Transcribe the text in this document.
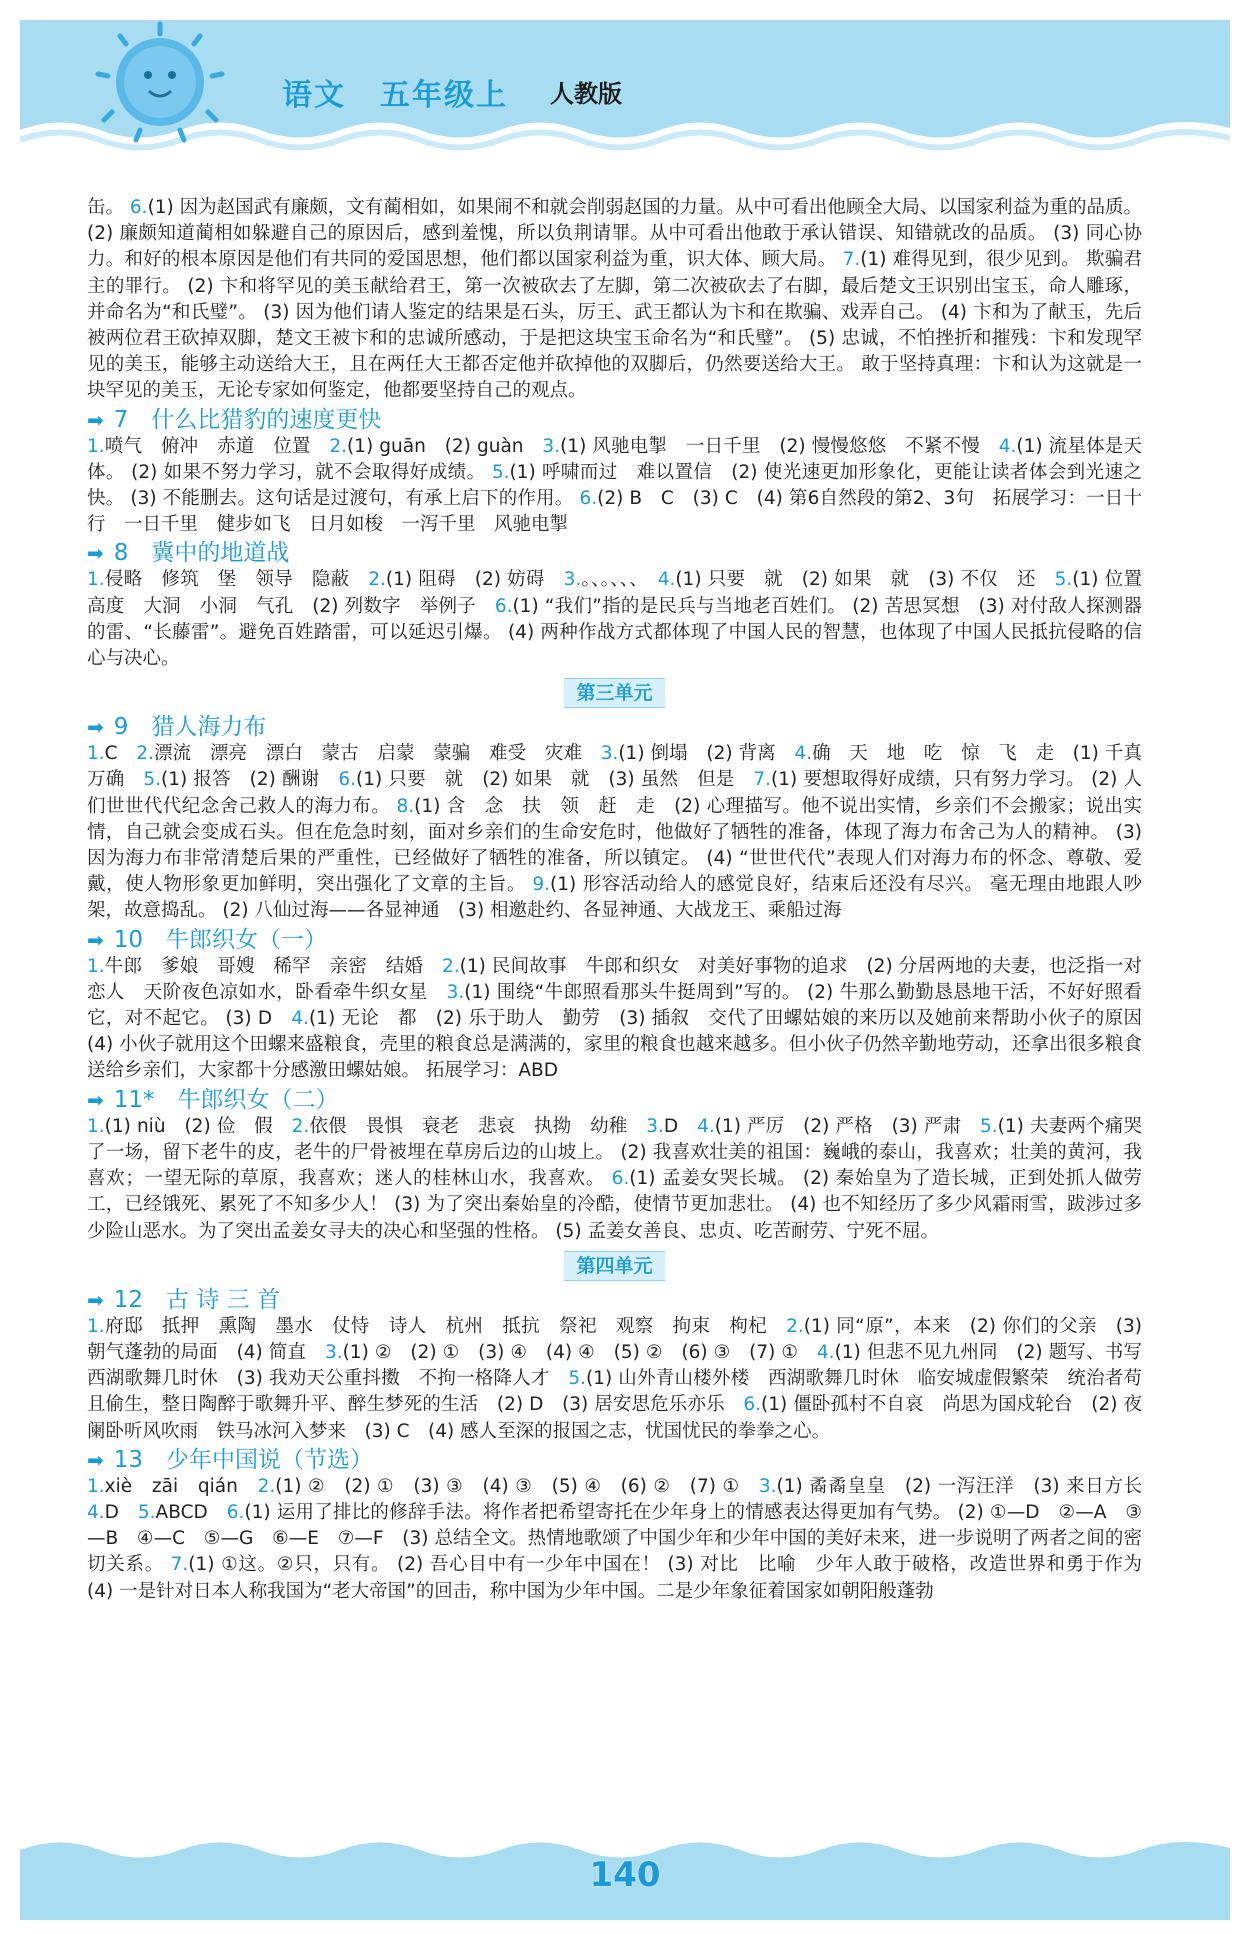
语文 五年级上 人教版

缶。 6.(1) 因为赵国武有廉颇，文有蔺相如，如果闹不和就会削弱赵国的力量。从中可看出他顾全大局、以国家利益为重的品质。 (2) 廉颇知道蔺相如躲避自己的原因后，感到羞愧，所以负荆请罪。从中可看出他敢于承认错误、知错就改的品质。 (3) 同心协力。和好的根本原因是他们有共同的爱国思想，他们都以国家利益为重，识大体、顾大局。 7.(1) 难得见到，很少见到。 欺骗君主的罪行。 (2) 卞和将罕见的美玉献给君王，第一次被砍去了左脚，第二次被砍去了右脚，最后楚文王识别出宝玉，命人雕琢，并命名为“和氏璧”。 (3) 因为他们请人鉴定的结果是石头，厉王、武王都认为卞和在欺骗、戏弄自己。 (4) 卞和为了献玉，先后被两位君王砍掉双脚，楚文王被卞和的忠诚所感动，于是把这块宝玉命名为“和氏璧”。 (5) 忠诚，不怕挫折和摧残：卞和发现罕见的美玉，能够主动送给大王，且在两任大王都否定他并砍掉他的双脚后，仍然要送给大王。 敢于坚持真理：卞和认为这就是一块罕见的美玉，无论专家如何鉴定，他都要坚持自己的观点。

➡ 7　什么比猎豹的速度更快

1.喷气　俯冲　赤道　位置　2.(1) guān　(2) guàn　3.(1) 风驰电掣　一日千里　(2) 慢慢悠悠　不紧不慢　4.(1) 流星体是天体。 (2) 如果不努力学习，就不会取得好成绩。 5.(1) 呼啸而过　难以置信　(2) 使光速更加形象化，更能让读者体会到光速之快。 (3) 不能删去。这句话是过渡句，有承上启下的作用。 6.(2) B　C　(3) C　(4) 第6自然段的第2、3句　拓展学习：一日十行　一日千里　健步如飞　日月如梭　一泻千里　风驰电掣

➡ 8　冀中的地道战

1.侵略　修筑　堡　领导　隐蔽　2.(1) 阻碍　(2) 妨碍　3.。、。、、、　4.(1) 只要　就　(2) 如果　就　(3) 不仅　还　5.(1) 位置　高度　大洞　小洞　气孔　(2) 列数字　举例子　6.(1) “我们”指的是民兵与当地老百姓们。 (2) 苦思冥想　(3) 对付敌人探测器的雷、“长藤雷”。避免百姓踏雷，可以延迟引爆。 (4) 两种作战方式都体现了中国人民的智慧，也体现了中国人民抵抗侵略的信心与决心。

第三单元
➡ 9　猎人海力布

1.C　2.漂流　漂亮　漂白　蒙古　启蒙　蒙骗　难受　灾难　3.(1) 倒塌　(2) 背离　4.确　天　地　吃　惊　飞　走　(1) 千真万确　5.(1) 报答　(2) 酬谢　6.(1) 只要　就　(2) 如果　就　(3) 虽然　但是　7.(1) 要想取得好成绩，只有努力学习。 (2) 人们世世代代纪念舍己救人的海力布。 8.(1) 含　念　扶　领　赶　走　(2) 心理描写。他不说出实情，乡亲们不会搬家；说出实情，自己就会变成石头。但在危急时刻，面对乡亲们的生命安危时，他做好了牺牲的准备，体现了海力布舍己为人的精神。 (3) 因为海力布非常清楚后果的严重性，已经做好了牺牲的准备，所以镇定。 (4) “世世代代”表现人们对海力布的怀念、尊敬、爱戴，使人物形象更加鲜明，突出强化了文章的主旨。 9.(1) 形容活动给人的感觉良好，结束后还没有尽兴。 毫无理由地跟人吵架，故意捣乱。 (2) 八仙过海——各显神通　(3) 相邀赴约、各显神通、大战龙王、乘船过海

➡ 10　牛郎织女（一）

1.牛郎　爹娘　哥嫂　稀罕　亲密　结婚　2.(1) 民间故事　牛郎和织女　对美好事物的追求　(2) 分居两地的夫妻，也泛指一对恋人　天阶夜色凉如水，卧看牵牛织女星　3.(1) 围绕“牛郎照看那头牛挺周到”写的。 (2) 牛那么勤勤恳恳地干活，不好好照看它，对不起它。 (3) D　4.(1) 无论　都　(2) 乐于助人　勤劳　(3) 插叙　交代了田螺姑娘的来历以及她前来帮助小伙子的原因　(4) 小伙子就用这个田螺来盛粮食，壳里的粮食总是满满的，家里的粮食也越来越多。但小伙子仍然辛勤地劳动，还拿出很多粮食送给乡亲们，大家都十分感激田螺姑娘。 拓展学习：ABD

➡ 11*　牛郎织女（二）

1.(1) niù　(2) 俭　假　2.依偎　畏惧　衰老　悲哀　执拗　幼稚　3.D　4.(1) 严厉　(2) 严格　(3) 严肃　5.(1) 夫妻两个痛哭了一场，留下老牛的皮，老牛的尸骨被埋在草房后边的山坡上。 (2) 我喜欢壮美的祖国：巍峨的泰山，我喜欢；壮美的黄河，我喜欢；一望无际的草原，我喜欢；迷人的桂林山水，我喜欢。 6.(1) 孟姜女哭长城。 (2) 秦始皇为了造长城，正到处抓人做劳工，已经饿死、累死了不知多少人！ (3) 为了突出秦始皇的冷酷，使情节更加悲壮。 (4) 也不知经历了多少风霜雨雪，跋涉过多少险山恶水。为了突出孟姜女寻夫的决心和坚强的性格。 (5) 孟姜女善良、忠贞、吃苦耐劳、宁死不屈。

第四单元
➡ 12　古 诗 三 首

1.府邸　抵押　熏陶　墨水　仗恃　诗人　杭州　抵抗　祭祀　观察　拘束　枸杞　2.(1) 同“原”，本来　(2) 你们的父亲　(3) 朝气蓬勃的局面　(4) 简直　3.(1) ②　(2) ①　(3) ④　(4) ④　(5) ②　(6) ③　(7) ①　4.(1) 但悲不见九州同　(2) 题写、书写　西湖歌舞几时休　(3) 我劝天公重抖擞　不拘一格降人才　5.(1) 山外青山楼外楼　西湖歌舞几时休　临安城虚假繁荣　统治者苟且偷生，整日陶醉于歌舞升平、醉生梦死的生活　(2) D　(3) 居安思危乐亦乐　6.(1) 僵卧孤村不自哀　尚思为国戍轮台　(2) 夜阑卧听风吹雨　铁马冰河入梦来　(3) C　(4) 感人至深的报国之志，忧国忧民的拳拳之心。

➡ 13　少年中国说（节选）

1.xiè　zāi　qián　2.(1) ②　(2) ①　(3) ③　(4) ③　(5) ④　(6) ②　(7) ①　3.(1) 矞矞皇皇　(2) 一泻汪洋　(3) 来日方长　4.D　5.ABCD　6.(1) 运用了排比的修辞手法。将作者把希望寄托在少年身上的情感表达得更加有气势。 (2) ①—D　②—A　③—B　④—C　⑤—G　⑥—E　⑦—F　(3) 总结全文。热情地歌颂了中国少年和少年中国的美好未来，进一步说明了两者之间的密切关系。 7.(1) ①这。②只，只有。 (2) 吾心目中有一少年中国在！ (3) 对比　比喻　少年人敢于破格，改造世界和勇于作为　(4) 一是针对日本人称我国为“老大帝国”的回击，称中国为少年中国。二是少年象征着国家如朝阳般蓬勃

140
